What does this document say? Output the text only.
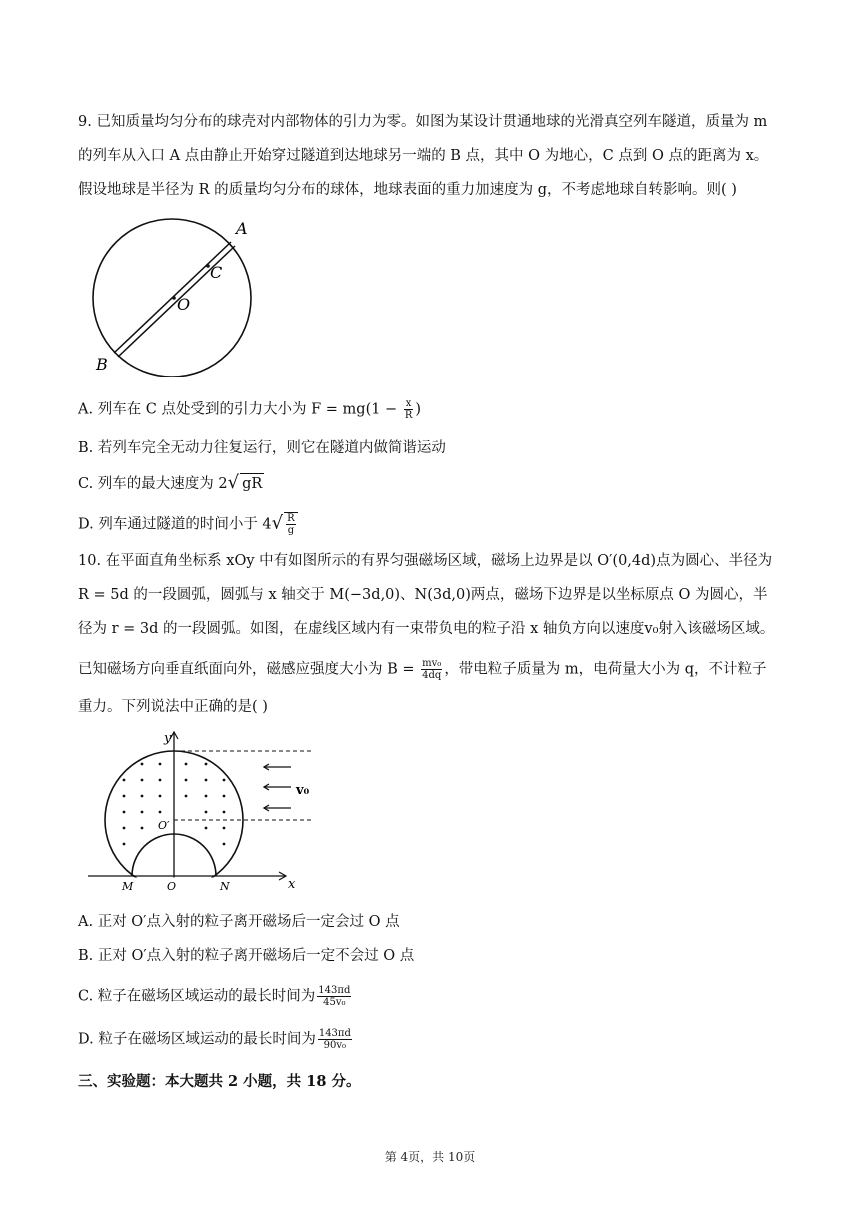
9. 已知质量均匀分布的球壳对内部物体的引力为零。如图为某设计贯通地球的光滑真空列车隧道，质量为 m
的列车从入口 A 点由静止开始穿过隧道到达地球另一端的 B 点，其中 O 为地心，C 点到 O 点的距离为 x。
假设地球是半径为 R 的质量均匀分布的球体，地球表面的重力加速度为 g，不考虑地球自转影响。则( )
A
C
O
B
A. 列车在 C 点处受到的引力大小为 $F = mg(1 - \frac{x}{R}$ )
B. 若列车完全无动力往复运行，则它在隧道内做简谐运动
C. 列车的最大速度为 2√ gR
D. 列车通过隧道的时间小于 $4√ \frac{R}{g}$
10. 在平面直角坐标系 xOy 中有如图所示的有界匀强磁场区域，磁场上边界是以 O′(0,4d)点为圆心、半径为
R = 5d 的一段圆弧，圆弧与 x 轴交于 M(−3d,0)、N(3d,0)两点，磁场下边界是以坐标原点 O 为圆心，半
径为 r = 3d 的一段圆弧。如图，在虚线区域内有一束带负电的粒子沿 x 轴负方向以速度v₀射入该磁场区域。
已知磁场方向垂直纸面向外，磁感应强度大小为 $B = \frac{\text{mv₀}}{4dq}$ ，带电粒子质量为 m，电荷量大小为 q，不计粒子
重力。下列说法中正确的是( )
v₀
y
x
O′
M	O	N
A. 正对 O′点入射的粒子离开磁场后一定会过 O 点
B. 正对 O′点入射的粒子离开磁场后一定不会过 O 点
C. 粒子在磁场区域运动的最长时间为 $\frac{143\pi d}{\text{45v₀}}$
D. 粒子在磁场区域运动的最长时间为 $\frac{143\pi d}{\text{90v₀}}$
三、实验题：本大题共 2 小题，共 18 分。
第 4页，共 10页
